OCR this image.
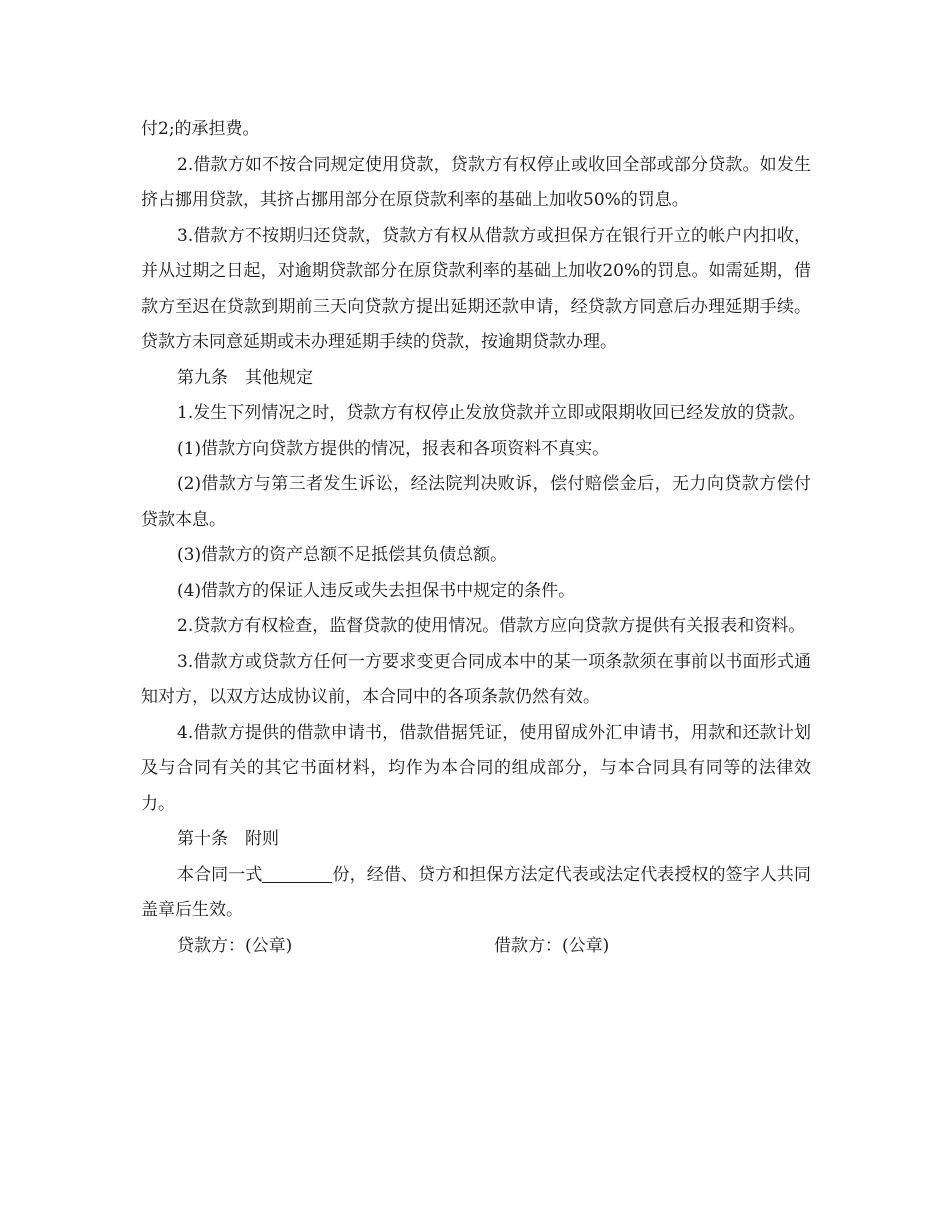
付2;的承担费。

2.借款方如不按合同规定使用贷款，贷款方有权停止或收回全部或部分贷款。如发生挤占挪用贷款，其挤占挪用部分在原贷款利率的基础上加收50%的罚息。

3.借款方不按期归还贷款，贷款方有权从借款方或担保方在银行开立的帐户内扣收，并从过期之日起，对逾期贷款部分在原贷款利率的基础上加收20%的罚息。如需延期，借款方至迟在贷款到期前三天向贷款方提出延期还款申请，经贷款方同意后办理延期手续。贷款方未同意延期或未办理延期手续的贷款，按逾期贷款办理。

第九条　其他规定

1.发生下列情况之时，贷款方有权停止发放贷款并立即或限期收回已经发放的贷款。

(1)借款方向贷款方提供的情况，报表和各项资料不真实。

(2)借款方与第三者发生诉讼，经法院判决败诉，偿付赔偿金后，无力向贷款方偿付贷款本息。

(3)借款方的资产总额不足抵偿其负债总额。

(4)借款方的保证人违反或失去担保书中规定的条件。

2.贷款方有权检查，监督贷款的使用情况。借款方应向贷款方提供有关报表和资料。

3.借款方或贷款方任何一方要求变更合同成本中的某一项条款须在事前以书面形式通知对方，以双方达成协议前，本合同中的各项条款仍然有效。

4.借款方提供的借款申请书，借款借据凭证，使用留成外汇申请书，用款和还款计划及与合同有关的其它书面材料，均作为本合同的组成部分，与本合同具有同等的法律效力。

第十条　附则

本合同一式	份，经借、贷方和担保方法定代表或法定代表授权的签字人共同盖章后生效。

贷款方：(公章)	借款方：(公章)
